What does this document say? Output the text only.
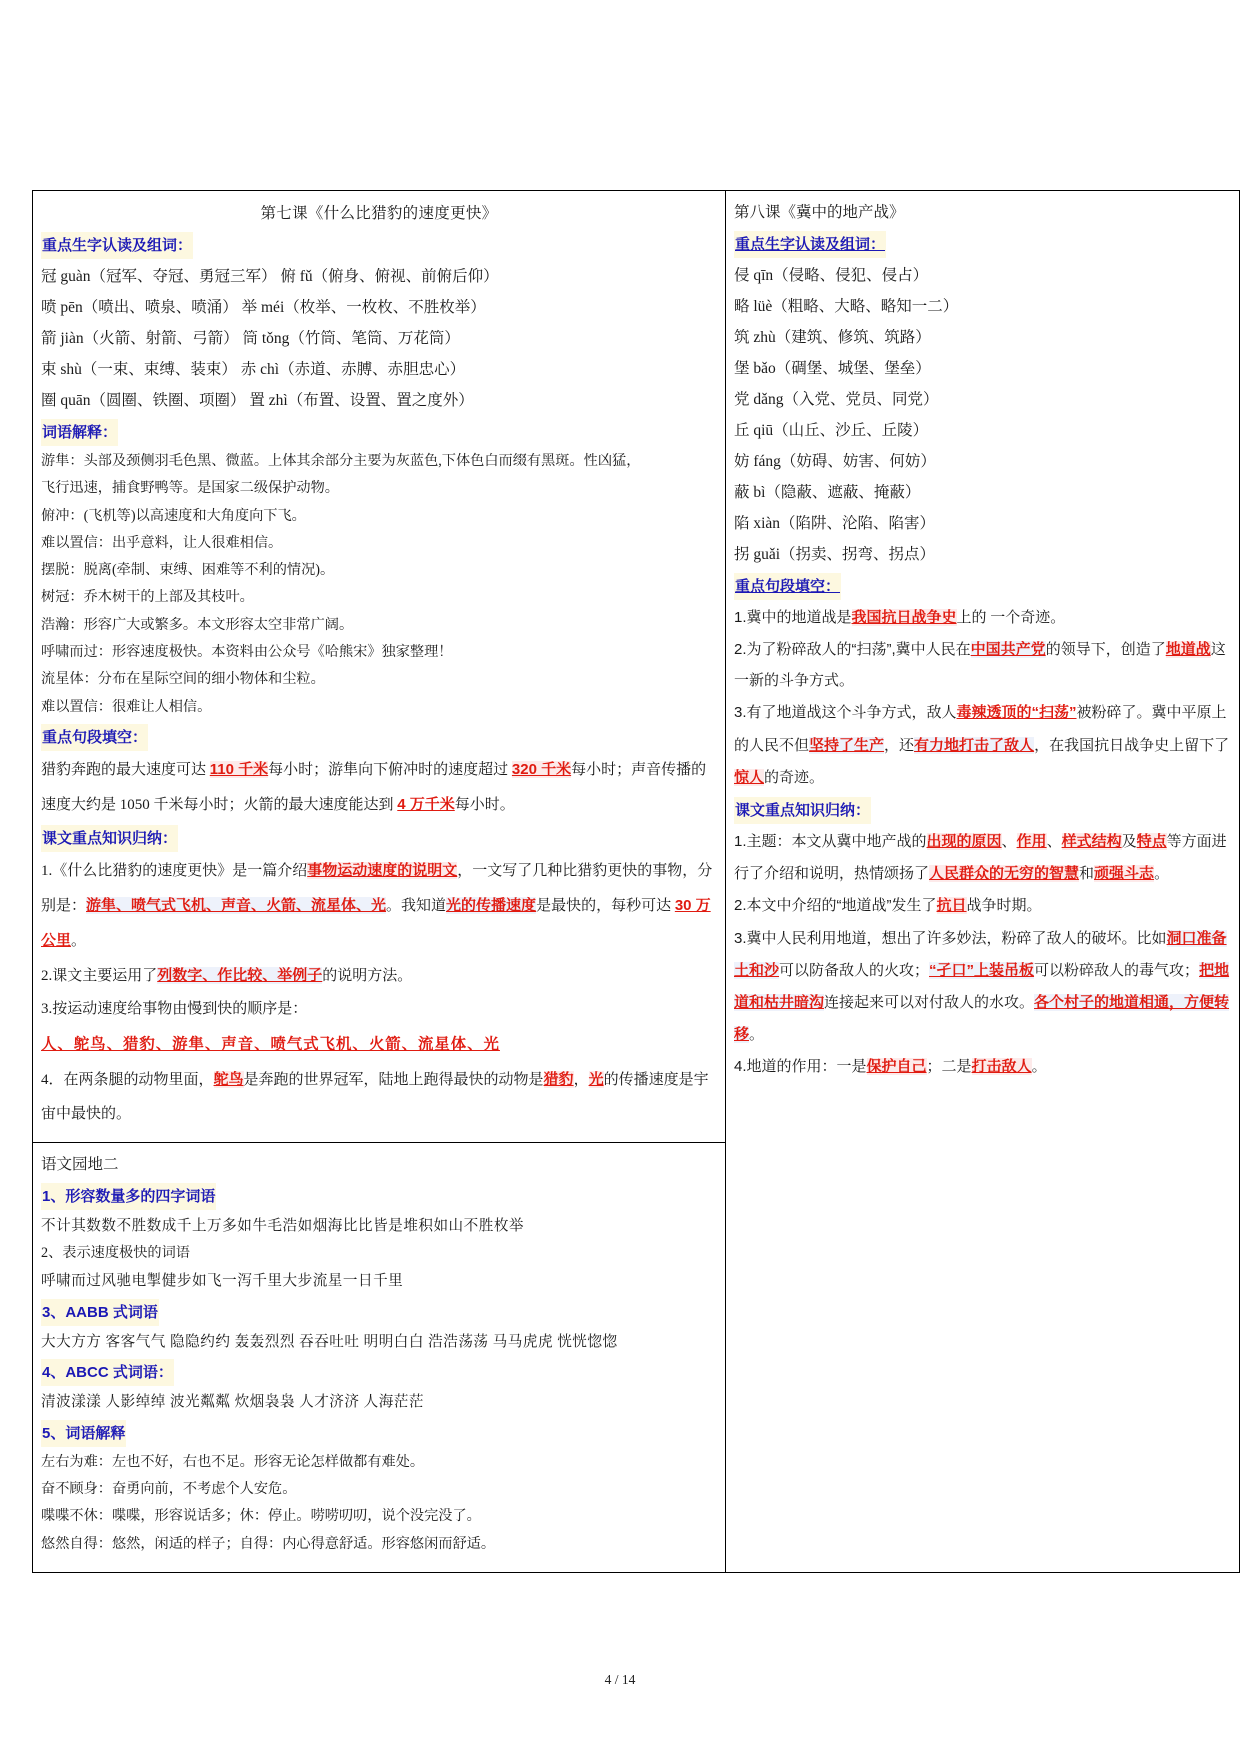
第七课《什么比猎豹的速度更快》
重点生字认读及组词：
冠 guàn（冠军、夺冠、勇冠三军） 俯 fǔ（俯身、俯视、前俯后仰）
喷 pēn（喷出、喷泉、喷涌） 举 méi（枚举、一枚枚、不胜枚举）
箭 jiàn（火箭、射箭、弓箭） 筒 tǒng（竹筒、笔筒、万花筒）
束 shù（一束、束缚、装束） 赤 chì（赤道、赤膊、赤胆忠心）
圈 quān（圆圈、铁圈、项圈） 置 zhì（布置、设置、置之度外）
词语解释：
游隼：头部及颈侧羽毛色黑、微蓝。上体其余部分主要为灰蓝色,下体色白而缀有黑斑。性凶猛，
飞行迅速，捕食野鸭等。是国家二级保护动物。
俯冲：(飞机等)以高速度和大角度向下飞。
难以置信：出乎意料，让人很难相信。
摆脱：脱离(牵制、束缚、困难等不利的情况)。
树冠：乔木树干的上部及其枝叶。
浩瀚：形容广大或繁多。本文形容太空非常广阔。
呼啸而过：形容速度极快。本资料由公众号《哈熊宋》独家整理！
流星体：分布在星际空间的细小物体和尘粒。
难以置信：很难让人相信。
重点句段填空：
猎豹奔跑的最大速度可达 110 千米每小时；游隼向下俯冲时的速度超过 320 千米每小时；声音传播的速度大约是 1050 千米每小时；火箭的最大速度能达到 4 万千米每小时。
课文重点知识归纳：
1.《什么比猎豹的速度更快》是一篇介绍事物运动速度的说明文，一文写了几种比猎豹更快的事物，分别是：游隼、喷气式飞机、声音、火箭、流星体、光。我知道光的传播速度是最快的，每秒可达 30 万公里。
2.课文主要运用了列数字、作比较、举例子的说明方法。
3.按运动速度给事物由慢到快的顺序是：
人、鸵鸟、猎豹、游隼、声音、喷气式飞机、火箭、流星体、光
4．在两条腿的动物里面，鸵鸟是奔跑的世界冠军，陆地上跑得最快的动物是猎豹，光的传播速度是宇宙中最快的。

第八课《冀中的地产战》
重点生字认读及组词：
侵 qīn（侵略、侵犯、侵占）
略 lüè（粗略、大略、略知一二）
筑 zhù（建筑、修筑、筑路）
堡 bǎo（碉堡、城堡、堡垒）
党 dǎng（入党、党员、同党）
丘 qiū（山丘、沙丘、丘陵）
妨 fáng（妨碍、妨害、何妨）
蔽 bì（隐蔽、遮蔽、掩蔽）
陷 xiàn（陷阱、沦陷、陷害）
拐 guǎi（拐卖、拐弯、拐点）
重点句段填空：
1.冀中的地道战是我国抗日战争史上的 一个奇迹。
2.为了粉碎敌人的“扫荡”,冀中人民在中国共产党的领导下，创造了地道战这一新的斗争方式。
3.有了地道战这个斗争方式，敌人毒辣透顶的“扫荡”被粉碎了。冀中平原上的人民不但坚持了生产，还有力地打击了敌人，在我国抗日战争史上留下了惊人的奇迹。
课文重点知识归纳：
1.主题：本文从冀中地产战的出现的原因、作用、样式结构及特点等方面进行了介绍和说明，热情颂扬了人民群众的无穷的智慧和顽强斗志。
2.本文中介绍的“地道战”发生了抗日战争时期。
3.冀中人民利用地道，想出了许多妙法，粉碎了敌人的破坏。比如洞口准备土和沙可以防备敌人的火攻；“孑口”上装吊板可以粉碎敌人的毒气攻；把地道和枯井暗沟连接起来可以对付敌人的水攻。各个村子的地道相通，方便转移。
4.地道的作用：一是保护自己；二是打击敌人。

语文园地二
1、形容数量多的四字词语
不计其数数不胜数成千上万多如牛毛浩如烟海比比皆是堆积如山不胜枚举
2、表示速度极快的词语
呼啸而过风驰电掣健步如飞一泻千里大步流星一日千里
3、AABB 式词语
大大方方 客客气气 隐隐约约 轰轰烈烈 吞吞吐吐 明明白白 浩浩荡荡 马马虎虎 恍恍惚惚
4、ABCC 式词语：
清波漾漾 人影绰绰 波光粼粼 炊烟袅袅 人才济济 人海茫茫
5、词语解释
左右为难：左也不好，右也不足。形容无论怎样做都有难处。
奋不顾身：奋勇向前，不考虑个人安危。
喋喋不休：喋喋，形容说话多；休：停止。唠唠叨叨，说个没完没了。
悠然自得：悠然，闲适的样子；自得：内心得意舒适。形容悠闲而舒适。
4 / 14
